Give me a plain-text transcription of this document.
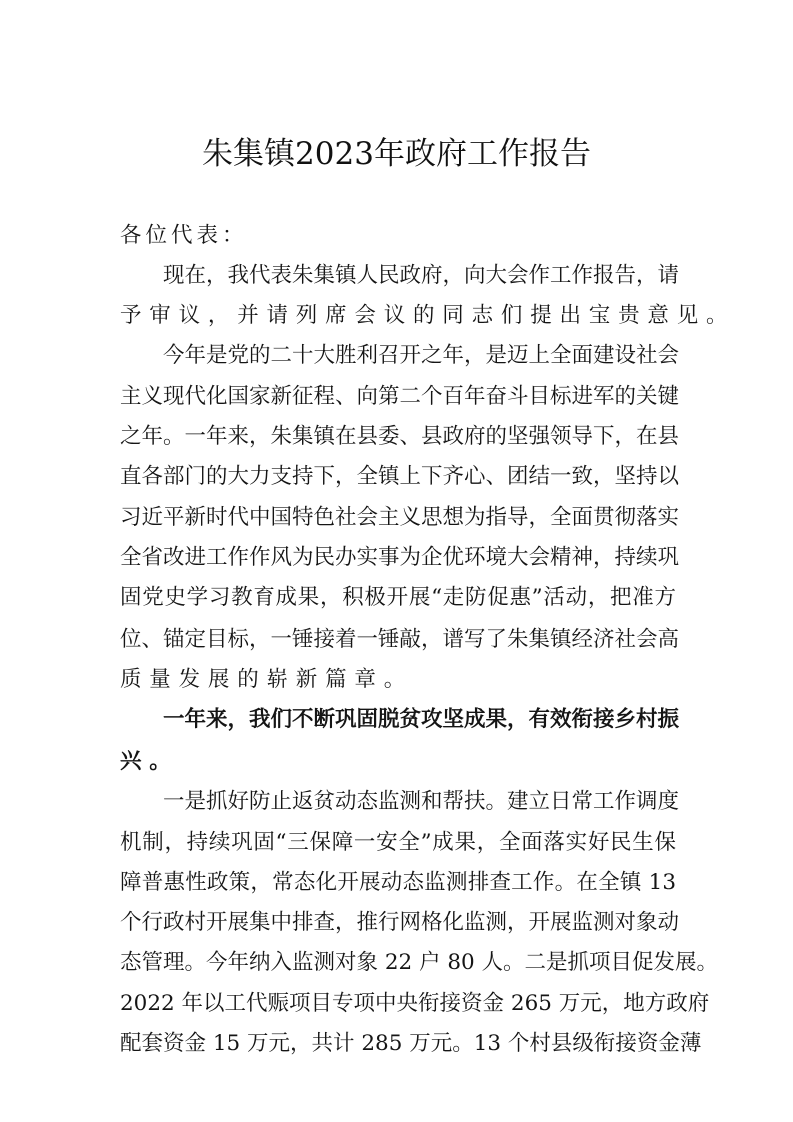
朱集镇2023年政府工作报告
各位代表：
现在，我代表朱集镇人民政府，向大会作工作报告，请
予审议，并请列席会议的同志们提出宝贵意见。
今年是党的二十大胜利召开之年，是迈上全面建设社会
主义现代化国家新征程、向第二个百年奋斗目标进军的关键
之年。一年来，朱集镇在县委、县政府的坚强领导下，在县
直各部门的大力支持下，全镇上下齐心、团结一致，坚持以
习近平新时代中国特色社会主义思想为指导，全面贯彻落实
全省改进工作作风为民办实事为企优环境大会精神，持续巩
固党史学习教育成果，积极开展“走防促惠”活动，把准方
位、锚定目标，一锤接着一锤敲，谱写了朱集镇经济社会高
质量发展的崭新篇章。
一年来，我们不断巩固脱贫攻坚成果，有效衔接乡村振
兴。
一是抓好防止返贫动态监测和帮扶。建立日常工作调度
机制，持续巩固“三保障一安全”成果，全面落实好民生保
障普惠性政策，常态化开展动态监测排查工作。在全镇 13
个行政村开展集中排查，推行网格化监测，开展监测对象动
态管理。今年纳入监测对象 22 户 80 人。二是抓项目促发展。
2022 年以工代赈项目专项中央衔接资金 265 万元，地方政府
配套资金 15 万元，共计 285 万元。13 个村县级衔接资金薄
